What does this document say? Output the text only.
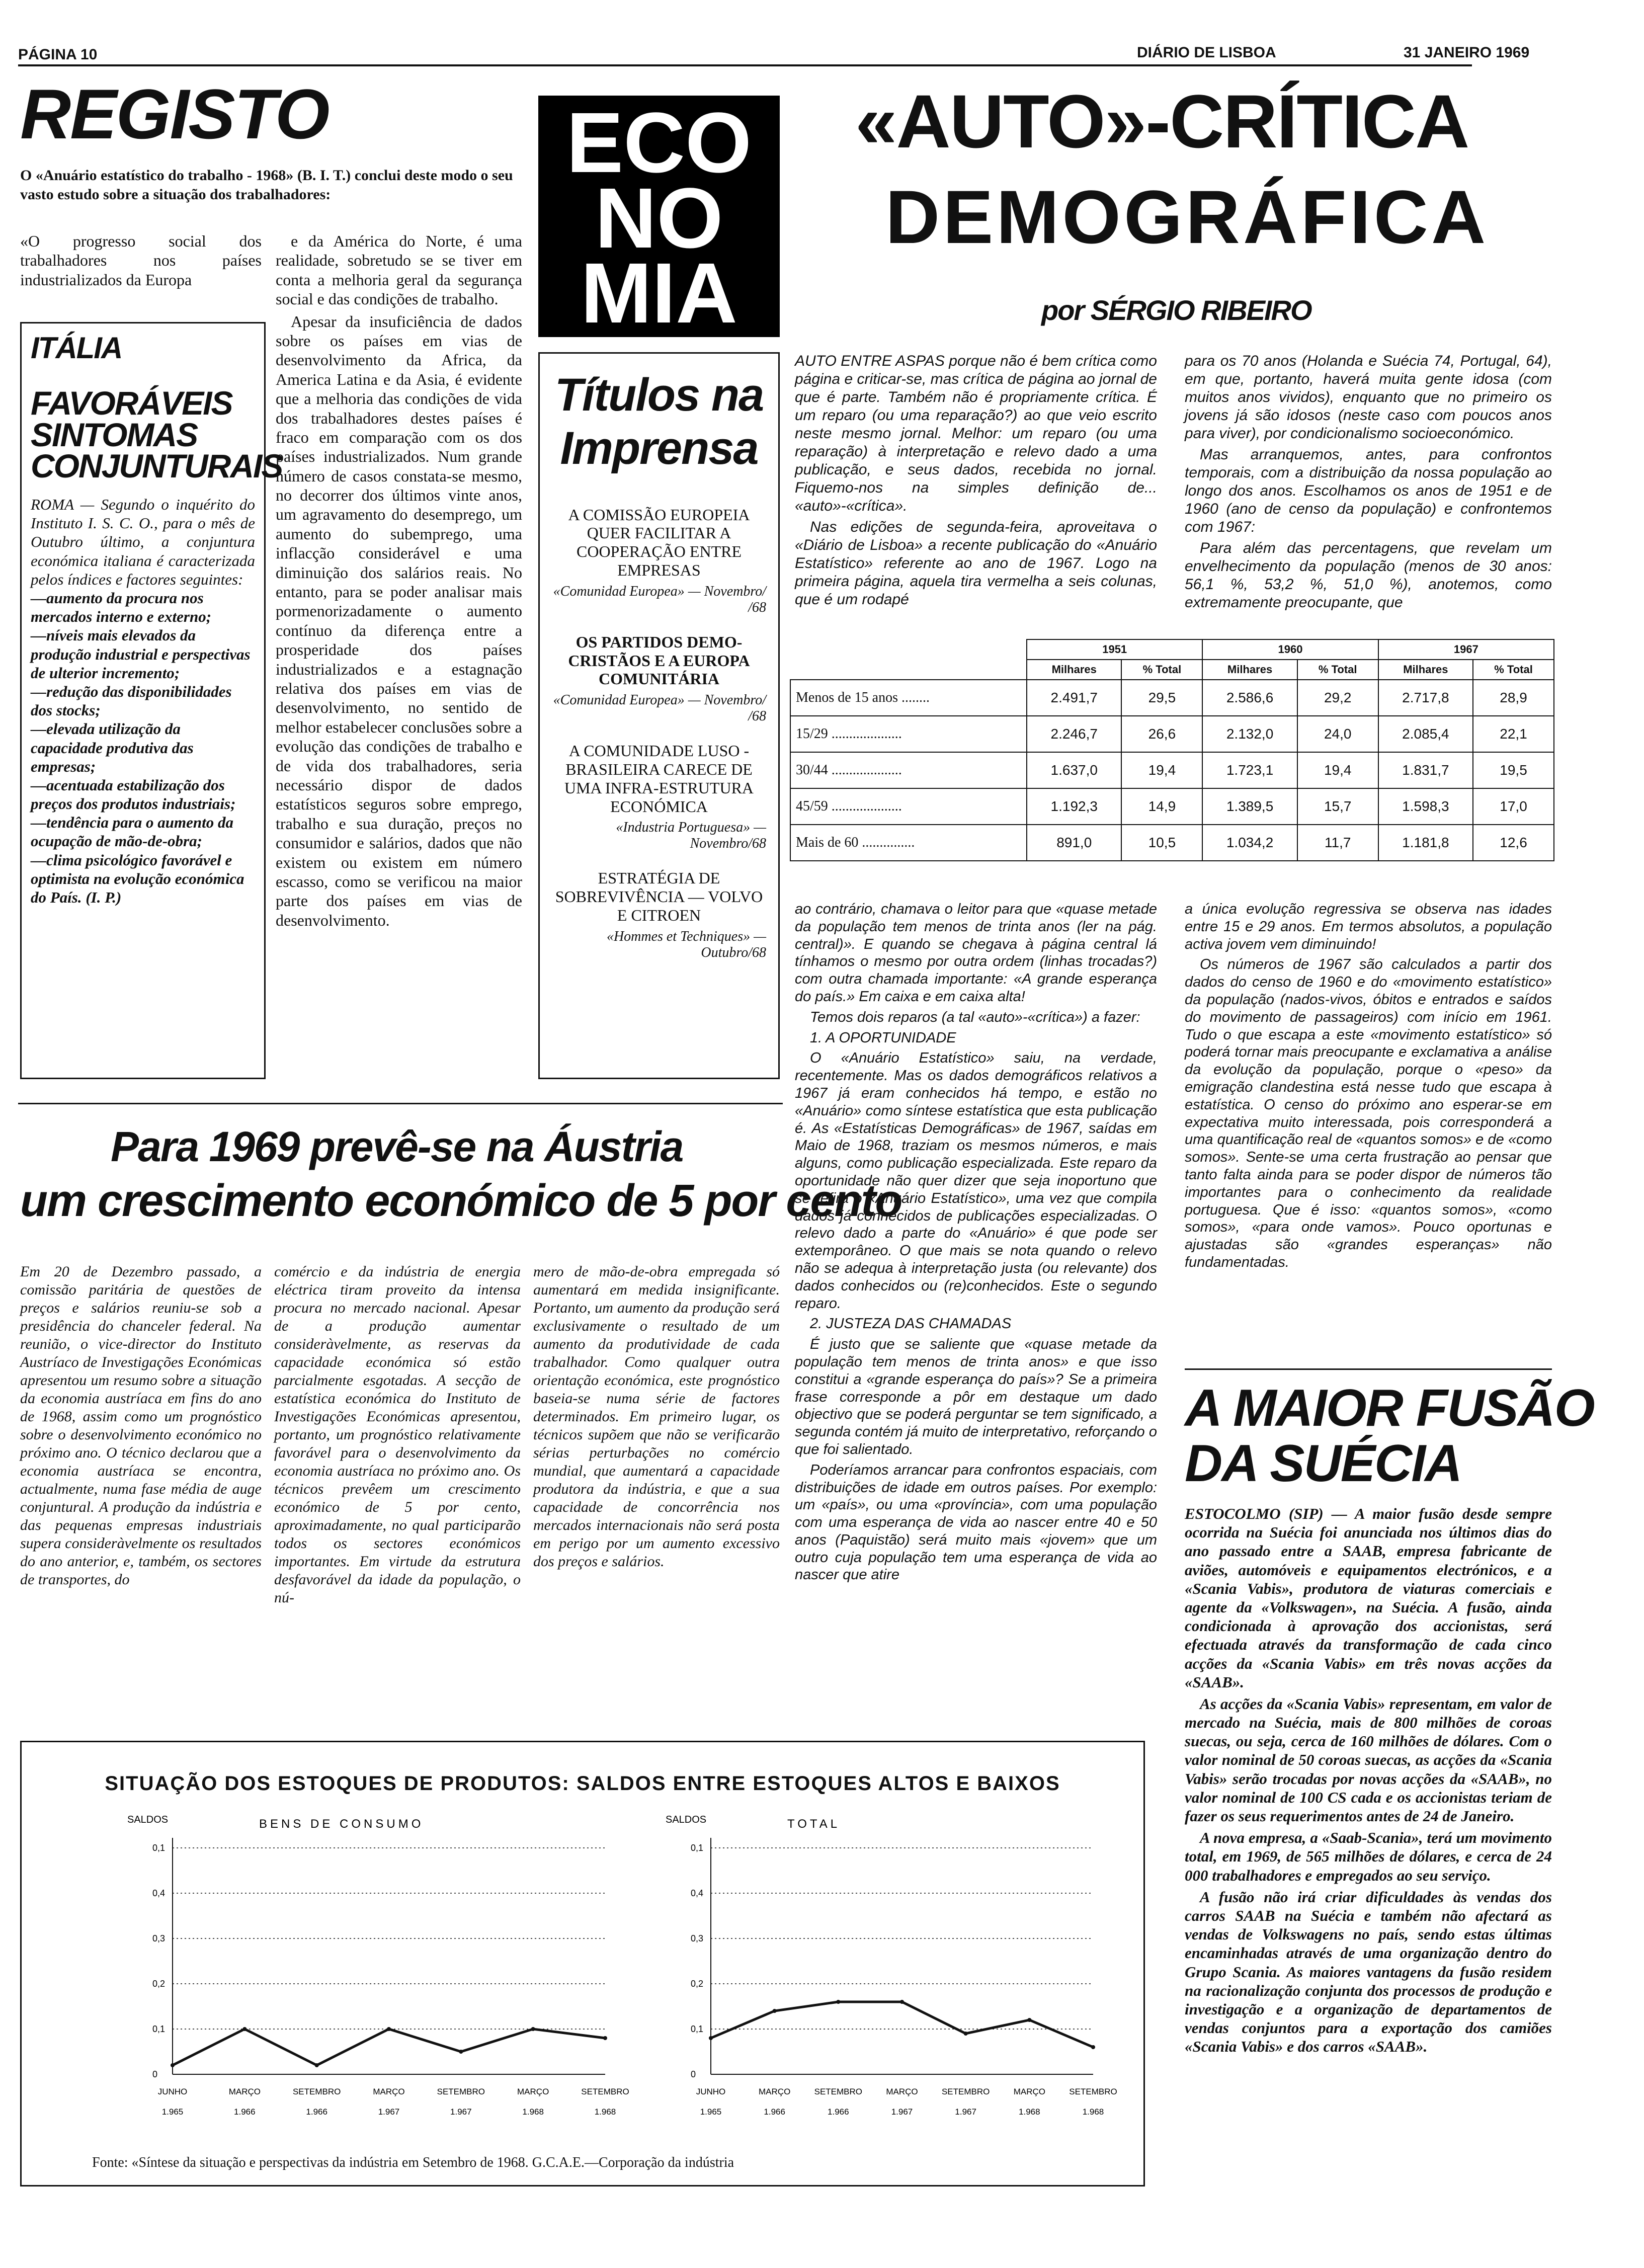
PÁGINA 10	DIÁRIO DE LISBOA	31 JANEIRO 1969
REGISTO
O «Anuário estatístico do trabalho - 1968» (B. I. T.) conclui deste modo o seu vasto estudo sobre a situação dos trabalhadores:
«O progresso social dos trabalhadores nos países industrializados da Europa

e da América do Norte, é uma realidade, sobretudo se se tiver em conta a melhoria geral da segurança social e das condições de trabalho.

Apesar da insuficiência de dados sobre os países em vias de desenvolvimento da Africa, da America Latina e da Asia, é evidente que a melhoria das condições de vida dos trabalhadores destes países é fraco em comparação com os dos países industrializados. Num grande número de casos constata-se mesmo, no decorrer dos últimos vinte anos, um agravamento do desemprego, um aumento do subemprego, uma inflacção considerável e uma diminuição dos salários reais. No entanto, para se poder analisar mais pormenorizadamente o aumento contínuo da diferença entre a prosperidade dos países industrializados e a estagnação relativa dos países em vias de desenvolvimento, no sentido de melhor estabelecer conclusões sobre a evolução das condições de trabalho e de vida dos trabalhadores, seria necessário dispor de dados estatísticos seguros sobre emprego, trabalho e sua duração, preços no consumidor e salários, dados que não existem ou existem em número escasso, como se verificou na maior parte dos países em vias de desenvolvimento.

ITÁLIA
FAVORÁVEIS SINTOMAS CONJUNTURAIS
ROMA — Segundo o inquérito do Instituto I. S. C. O., para o mês de Outubro último, a conjuntura económica italiana é caracterizada pelos índices e factores seguintes:
—aumento da procura nos mercados interno e externo;
—níveis mais elevados da produção industrial e perspectivas de ulterior incremento;
—redução das disponibilidades dos stocks;
—elevada utilização da capacidade produtiva das empresas;
—acentuada estabilização dos preços dos produtos industriais;
—tendência para o aumento da ocupação de mão-de-obra;
—clima psicológico favorável e optimista na evolução económica do País. (I. P.)
ECO
NO
MIA
Títulos na Imprensa
A COMISSÃO EUROPEIA QUER FACILITAR A COOPERAÇÃO ENTRE EMPRESAS
«Comunidad Europea» — Novembro/ /68
OS PARTIDOS DEMO-CRISTÃOS E A EUROPA COMUNITÁRIA
«Comunidad Europea» — Novembro/ /68
A COMUNIDADE LUSO - BRASILEIRA CARECE DE UMA INFRA-ESTRUTURA ECONÓMICA
«Industria Portuguesa» — Novembro/68
ESTRATÉGIA DE SOBREVIVÊNCIA — VOLVO E CITROEN
«Hommes et Techniques» — Outubro/68
«AUTO»-CRÍTICA
DEMOGRÁFICA
por SÉRGIO RIBEIRO

AUTO ENTRE ASPAS porque não é bem crítica como página e criticar-se, mas crítica de página ao jornal de que é parte. Também não é propriamente crítica. É um reparo (ou uma reparação?) ao que veio escrito neste mesmo jornal. Melhor: um reparo (ou uma reparação) à interpretação e relevo dado a uma publicação, e seus dados, recebida no jornal. Fiquemo-nos na simples definição de... «auto»-«crítica».

Nas edições de segunda-feira, aproveitava o «Diário de Lisboa» a recente publicação do «Anuário Estatístico» referente ao ano de 1967. Logo na primeira página, aquela tira vermelha a seis colunas, que é um rodapé

para os 70 anos (Holanda e Suécia 74, Portugal, 64), em que, portanto, haverá muita gente idosa (com muitos anos vividos), enquanto que no primeiro os jovens já são idosos (neste caso com poucos anos para viver), por condicionalismo socioeconómico.

Mas arranquemos, antes, para confrontos temporais, com a distribuição da nossa população ao longo dos anos. Escolhamos os anos de 1951 e de 1960 (ano de censo da população) e confrontemos com 1967:

Para além das percentagens, que revelam um envelhecimento da população (menos de 30 anos: 56,1 %, 53,2 %, 51,0 %), anotemos, como extremamente preocupante, que

	1951		1960		1967	
	Milhares	% Total	Milhares	% Total	Milhares	% Total
Menos de 15 anos ........	2.491,7	29,5	2.586,6	29,2	2.717,8	28,9
15/29 ....................	2.246,7	26,6	2.132,0	24,0	2.085,4	22,1
30/44 ....................	1.637,0	19,4	1.723,1	19,4	1.831,7	19,5
45/59 ....................	1.192,3	14,9	1.389,5	15,7	1.598,3	17,0
Mais de 60 ...............	891,0	10,5	1.034,2	11,7	1.181,8	12,6

ao contrário, chamava o leitor para que «quase metade da população tem menos de trinta anos (ler na pág. central)». E quando se chegava à página central lá tínhamos o mesmo por outra ordem (linhas trocadas?) com outra chamada importante: «A grande esperança do país.» Em caixa e em caixa alta!

Temos dois reparos (a tal «auto»-«crítica») a fazer:

1. A OPORTUNIDADE

O «Anuário Estatístico» saiu, na verdade, recentemente. Mas os dados demográficos relativos a 1967 já eram conhecidos há tempo, e estão no «Anuário» como síntese estatística que esta publicação é. As «Estatísticas Demográficas» de 1967, saídas em Maio de 1968, traziam os mesmos números, e mais alguns, como publicação especializada. Este reparo da oportunidade não quer dizer que seja inoportuno que se refira o «Anuário Estatístico», uma vez que compila dados já conhecidos de publicações especializadas. O relevo dado a parte do «Anuário» é que pode ser extemporâneo. O que mais se nota quando o relevo não se adequa à interpretação justa (ou relevante) dos dados conhecidos ou (re)conhecidos. Este o segundo reparo.

2. JUSTEZA DAS CHAMADAS

É justo que se saliente que «quase metade da população tem menos de trinta anos» e que isso constitui a «grande esperança do país»? Se a primeira frase corresponde a pôr em destaque um dado objectivo que se poderá perguntar se tem significado, a segunda contém já muito de interpretativo, reforçando o que foi salientado.

Poderíamos arrancar para confrontos espaciais, com distribuições de idade em outros países. Por exemplo: um «país», ou uma «província», com uma população com uma esperança de vida ao nascer entre 40 e 50 anos (Paquistão) será muito mais «jovem» que um outro cuja população tem uma esperança de vida ao nascer que atire

a única evolução regressiva se observa nas idades entre 15 e 29 anos. Em termos absolutos, a população activa jovem vem diminuindo!

Os números de 1967 são calculados a partir dos dados do censo de 1960 e do «movimento estatístico» da população (nados-vivos, óbitos e entrados e saídos do movimento de passageiros) com início em 1961. Tudo o que escapa a este «movimento estatístico» só poderá tornar mais preocupante e exclamativa a análise da evolução da população, porque o «peso» da emigração clandestina está nesse tudo que escapa à estatística. O censo do próximo ano esperar-se em expectativa muito interessada, pois corresponderá a uma quantificação real de «quantos somos» e de «como somos». Sente-se uma certa frustração ao pensar que tanto falta ainda para se poder dispor de números tão importantes para o conhecimento da realidade portuguesa. Que é isso: «quantos somos», «como somos», «para onde vamos». Pouco oportunas e ajustadas são «grandes esperanças» não fundamentadas.

Para 1969 prevê-se na Áustria
um crescimento económico de 5 por cento
Em 20 de Dezembro passado, a comissão paritária de questões de preços e salários reuniu-se sob a presidência do chanceler federal. Na reunião, o vice-director do Instituto Austríaco de Investigações Económicas apresentou um resumo sobre a situação da economia austríaca em fins do ano de 1968, assim como um prognóstico sobre o desenvolvimento económico no próximo ano. O técnico declarou que a economia austríaca se encontra, actualmente, numa fase média de auge conjuntural. A produção da indústria e das pequenas empresas industriais supera consideràvelmente os resultados do ano anterior, e, também, os sectores de transportes, do
comércio e da indústria de energia eléctrica tiram proveito da intensa procura no mercado nacional. Apesar de a produção aumentar consideràvelmente, as reservas da capacidade económica só estão parcialmente esgotadas. A secção de estatística económica do Instituto de Investigações Económicas apresentou, portanto, um prognóstico relativamente favorável para o desenvolvimento da economia austríaca no próximo ano. Os técnicos prevêem um crescimento económico de 5 por cento, aproximadamente, no qual participarão todos os sectores económicos importantes. Em virtude da estrutura desfavorável da idade da população, o nú-
mero de mão-de-obra empregada só aumentará em medida insignificante. Portanto, um aumento da produção será exclusivamente o resultado de um aumento da produtividade de cada trabalhador. Como qualquer outra orientação económica, este prognóstico baseia-se numa série de factores determinados. Em primeiro lugar, os técnicos supõem que não se verificarão sérias perturbações no comércio mundial, que aumentará a capacidade produtora da indústria, e que a sua capacidade de concorrência nos mercados internacionais não será posta em perigo por um aumento excessivo dos preços e salários.
A MAIOR FUSÃO
DA SUÉCIA

ESTOCOLMO (SIP) — A maior fusão desde sempre ocorrida na Suécia foi anunciada nos últimos dias do ano passado entre a SAAB, empresa fabricante de aviões, automóveis e equipamentos electrónicos, e a «Scania Vabis», produtora de viaturas comerciais e agente da «Volkswagen», na Suécia. A fusão, ainda condicionada à aprovação dos accionistas, será efectuada através da transformação de cada cinco acções da «Scania Vabis» em três novas acções da «SAAB».

As acções da «Scania Vabis» representam, em valor de mercado na Suécia, mais de 800 milhões de coroas suecas, ou seja, cerca de 160 milhões de dólares. Com o valor nominal de 50 coroas suecas, as acções da «Scania Vabis» serão trocadas por novas acções da «SAAB», no valor nominal de 100 CS cada e os accionistas teriam de fazer os seus requerimentos antes de 24 de Janeiro.

A nova empresa, a «Saab-Scania», terá um movimento total, em 1969, de 565 milhões de dólares, e cerca de 24 000 trabalhadores e empregados ao seu serviço.

A fusão não irá criar dificuldades às vendas dos carros SAAB na Suécia e também não afectará as vendas de Volkswagens no país, sendo estas últimas encaminhadas através de uma organização dentro do Grupo Scania. As maiores vantagens da fusão residem na racionalização conjunta dos processos de produção e investigação e a organização de departamentos de vendas conjuntos para a exportação dos camiões «Scania Vabis» e dos carros «SAAB».

SITUAÇÃO DOS ESTOQUES DE PRODUTOS: SALDOS ENTRE ESTOQUES ALTOS E BAIXOS
SALDOS	BENS DE CONSUMO
0,1
0,4
0,3
0,2
0,1
0
JUNHO
1.965
MARÇO
1.966
SETEMBRO
1.966
MARÇO
1.967
SETEMBRO
1.967
MARÇO
1.968
SETEMBRO
1.968
SALDOS	TOTAL
0,1
0,4
0,3
0,2
0,1
0
JUNHO
1.965
MARÇO
1.966
SETEMBRO
1.966
MARÇO
1.967
SETEMBRO
1.967
MARÇO
1.968
SETEMBRO
1.968
Fonte: «Síntese da situação e perspectivas da indústria em Setembro de 1968. G.C.A.E.—Corporação da indústria
